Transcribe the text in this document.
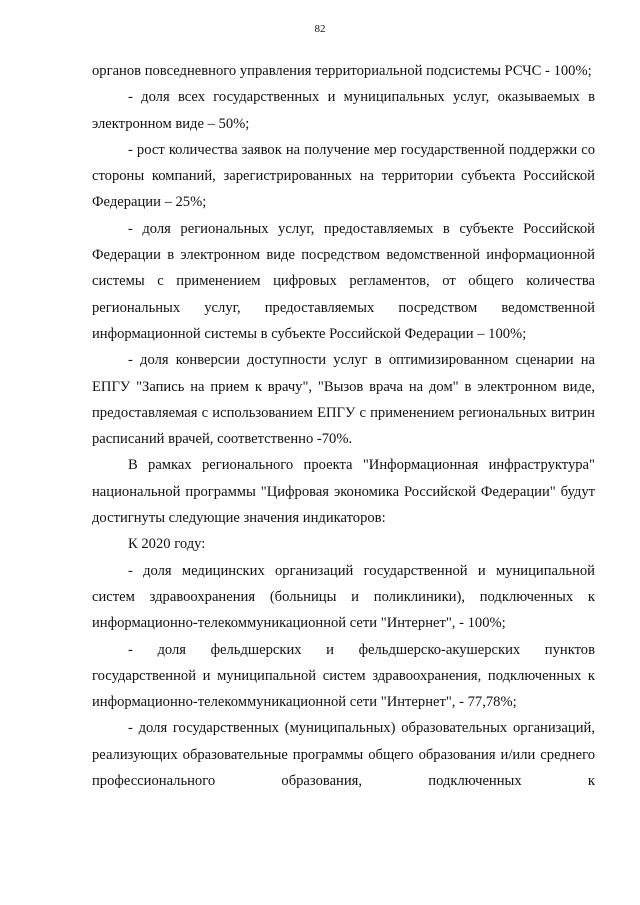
82

органов повседневного управления территориальной подсистемы РСЧС - 100%;

- доля всех государственных и муниципальных услуг, оказываемых в электронном виде – 50%;

- рост количества заявок на получение мер государственной поддержки со стороны компаний, зарегистрированных на территории субъекта Российской Федерации – 25%;

- доля региональных услуг, предоставляемых в субъекте Российской Федерации в электронном виде посредством ведомственной информационной системы с применением цифровых регламентов, от общего количества региональных услуг, предоставляемых посредством ведомственной информационной системы в субъекте Российской Федерации – 100%;

- доля конверсии доступности услуг в оптимизированном сценарии на ЕПГУ "Запись на прием к врачу", "Вызов врача на дом" в электронном виде, предоставляемая с использованием ЕПГУ с применением региональных витрин расписаний врачей, соответственно -70%.

В рамках регионального проекта "Информационная инфраструктура" национальной программы "Цифровая экономика Российской Федерации" будут достигнуты следующие значения индикаторов:

К 2020 году:

- доля медицинских организаций государственной и муниципальной систем здравоохранения (больницы и поликлиники), подключенных к информационно-телекоммуникационной сети "Интернет", - 100%;

- доля фельдшерских и фельдшерско-акушерских пунктов государственной и муниципальной систем здравоохранения, подключенных к информационно-телекоммуникационной сети "Интернет", - 77,78%;

- доля государственных (муниципальных) образовательных организаций, реализующих образовательные программы общего образования и/или среднего профессионального образования, подключенных к
